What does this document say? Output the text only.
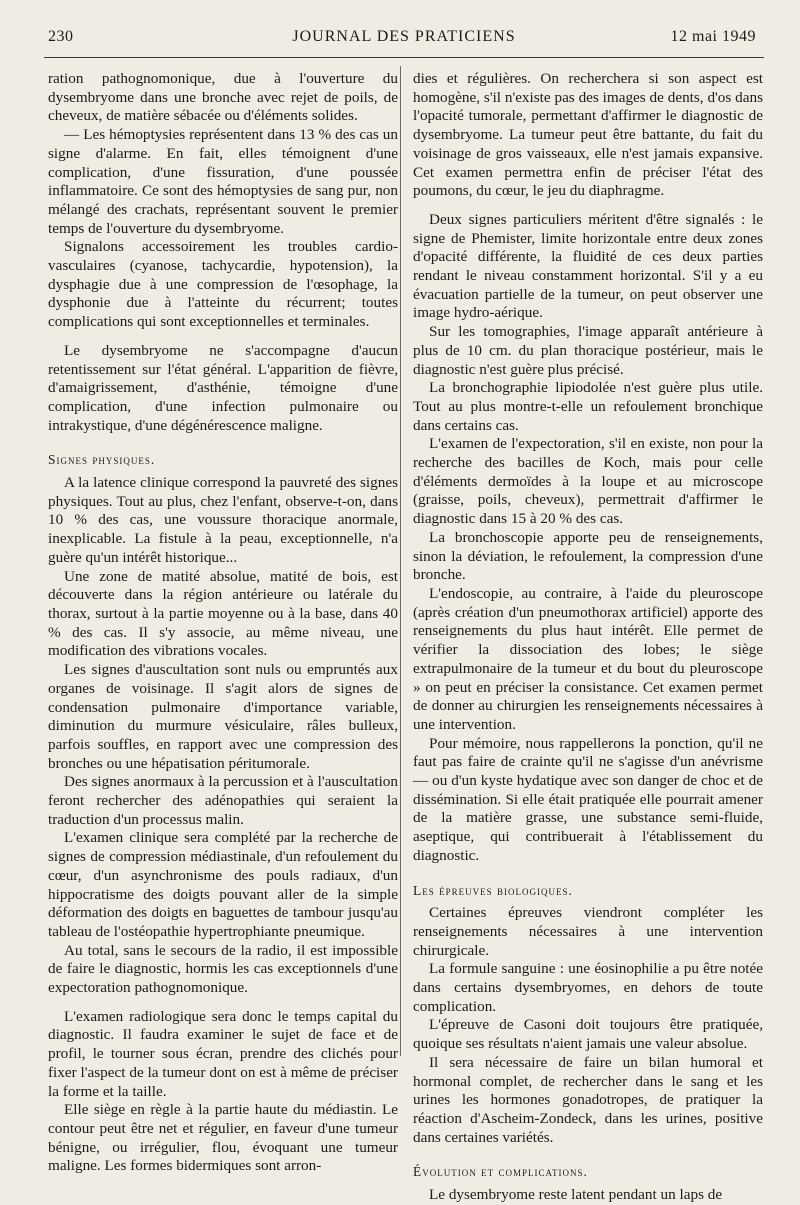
230	JOURNAL DES PRATICIENS	12 mai 1949

ration pathognomonique, due à l'ouverture du dysembryome dans une bronche avec rejet de poils, de cheveux, de matière sébacée ou d'éléments solides.

— Les hémoptysies représentent dans 13 % des cas un signe d'alarme. En fait, elles témoignent d'une complication, d'une fissuration, d'une poussée inflammatoire. Ce sont des hémoptysies de sang pur, non mélangé des crachats, représentant souvent le premier temps de l'ouverture du dysembryome.

Signalons accessoirement les troubles cardio-vasculaires (cyanose, tachycardie, hypotension), la dysphagie due à une compression de l'œsophage, la dysphonie due à l'atteinte du récurrent; toutes complications qui sont exceptionnelles et terminales.

Le dysembryome ne s'accompagne d'aucun retentissement sur l'état général. L'apparition de fièvre, d'amaigrissement, d'asthénie, témoigne d'une complication, d'une infection pulmonaire ou intrakystique, d'une dégénérescence maligne.

Signes physiques.

A la latence clinique correspond la pauvreté des signes physiques. Tout au plus, chez l'enfant, observe-t-on, dans 10 % des cas, une voussure thoracique anormale, inexplicable. La fistule à la peau, exceptionnelle, n'a guère qu'un intérêt historique...

Une zone de matité absolue, matité de bois, est découverte dans la région antérieure ou latérale du thorax, surtout à la partie moyenne ou à la base, dans 40 % des cas. Il s'y associe, au même niveau, une modification des vibrations vocales.

Les signes d'auscultation sont nuls ou empruntés aux organes de voisinage. Il s'agit alors de signes de condensation pulmonaire d'importance variable, diminution du murmure vésiculaire, râles bulleux, parfois souffles, en rapport avec une compression des bronches ou une hépatisation péritumorale.

Des signes anormaux à la percussion et à l'auscultation feront rechercher des adénopathies qui seraient la traduction d'un processus malin.

L'examen clinique sera complété par la recherche de signes de compression médiastinale, d'un refoulement du cœur, d'un asynchronisme des pouls radiaux, d'un hippocratisme des doigts pouvant aller de la simple déformation des doigts en baguettes de tambour jusqu'au tableau de l'ostéopathie hypertrophiante pneumique.

Au total, sans le secours de la radio, il est impossible de faire le diagnostic, hormis les cas exceptionnels d'une expectoration pathognomonique.

L'examen radiologique sera donc le temps capital du diagnostic. Il faudra examiner le sujet de face et de profil, le tourner sous écran, prendre des clichés pour fixer l'aspect de la tumeur dont on est à même de préciser la forme et la taille.

Elle siège en règle à la partie haute du médiastin. Le contour peut être net et régulier, en faveur d'une tumeur bénigne, ou irrégulier, flou, évoquant une tumeur maligne. Les formes bidermiques sont arron-

dies et régulières. On recherchera si son aspect est homogène, s'il n'existe pas des images de dents, d'os dans l'opacité tumorale, permettant d'affirmer le diagnostic de dysembryome. La tumeur peut être battante, du fait du voisinage de gros vaisseaux, elle n'est jamais expansive. Cet examen permettra enfin de préciser l'état des poumons, du cœur, le jeu du diaphragme.

Deux signes particuliers méritent d'être signalés : le signe de Phemister, limite horizontale entre deux zones d'opacité différente, la fluidité de ces deux parties rendant le niveau constamment horizontal. S'il y a eu évacuation partielle de la tumeur, on peut observer une image hydro-aérique.

Sur les tomographies, l'image apparaît antérieure à plus de 10 cm. du plan thoracique postérieur, mais le diagnostic n'est guère plus précisé.

La bronchographie lipiodolée n'est guère plus utile. Tout au plus montre-t-elle un refoulement bronchique dans certains cas.

L'examen de l'expectoration, s'il en existe, non pour la recherche des bacilles de Koch, mais pour celle d'éléments dermoïdes à la loupe et au microscope (graisse, poils, cheveux), permettrait d'affirmer le diagnostic dans 15 à 20 % des cas.

La bronchoscopie apporte peu de renseignements, sinon la déviation, le refoulement, la compression d'une bronche.

L'endoscopie, au contraire, à l'aide du pleuroscope (après création d'un pneumothorax artificiel) apporte des renseignements du plus haut intérêt. Elle permet de vérifier la dissociation des lobes; le siège extrapulmonaire de la tumeur et du bout du pleuroscope » on peut en préciser la consistance. Cet examen permet de donner au chirurgien les renseignements nécessaires à une intervention.

Pour mémoire, nous rappellerons la ponction, qu'il ne faut pas faire de crainte qu'il ne s'agisse d'un anévrisme — ou d'un kyste hydatique avec son danger de choc et de dissémination. Si elle était pratiquée elle pourrait amener de la matière grasse, une substance semi-fluide, aseptique, qui contribuerait à l'établissement du diagnostic.

Les épreuves biologiques.

Certaines épreuves viendront compléter les renseignements nécessaires à une intervention chirurgicale.

La formule sanguine : une éosinophilie a pu être notée dans certains dysembryomes, en dehors de toute complication.

L'épreuve de Casoni doit toujours être pratiquée, quoique ses résultats n'aient jamais une valeur absolue.

Il sera nécessaire de faire un bilan humoral et hormonal complet, de rechercher dans le sang et les urines les hormones gonadotropes, de pratiquer la réaction d'Ascheim-Zondeck, dans les urines, positive dans certaines variétés.

Évolution et complications.

Le dysembryome reste latent pendant un laps de
